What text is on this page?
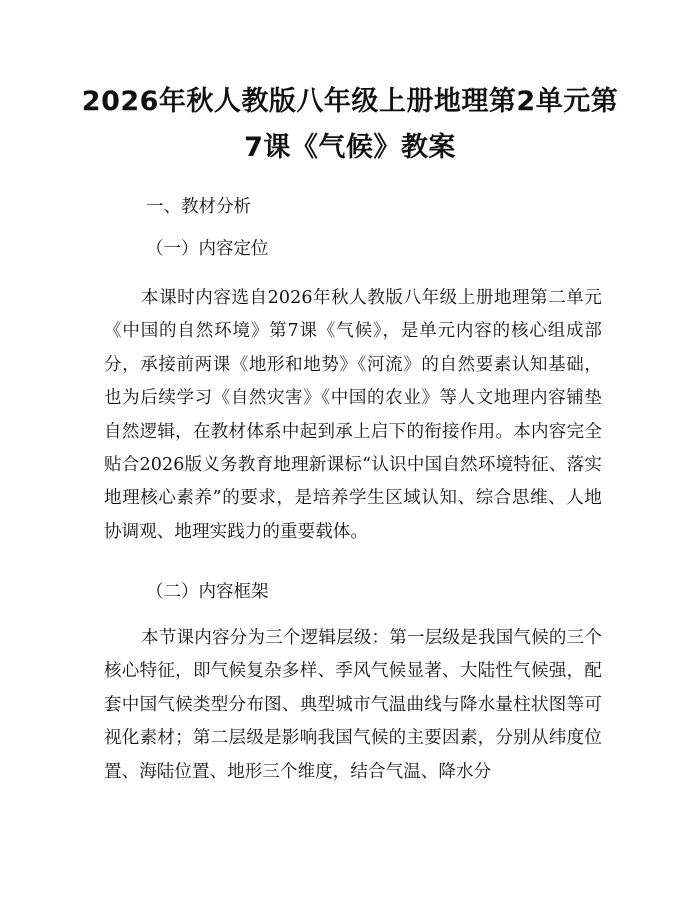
2026年秋人教版八年级上册地理第2单元第
7课《气候》教案
一、教材分析
（一）内容定位

本课时内容选自2026年秋人教版八年级上册地理第二单元《中国的自然环境》第7课《气候》，是单元内容的核心组成部分，承接前两课《地形和地势》《河流》的自然要素认知基础，也为后续学习《自然灾害》《中国的农业》等人文地理内容铺垫自然逻辑，在教材体系中起到承上启下的衔接作用。本内容完全贴合2026版义务教育地理新课标“认识中国自然环境特征、落实地理核心素养”的要求，是培养学生区域认知、综合思维、人地协调观、地理实践力的重要载体。

（二）内容框架

本节课内容分为三个逻辑层级：第一层级是我国气候的三个核心特征，即气候复杂多样、季风气候显著、大陆性气候强，配套中国气候类型分布图、典型城市气温曲线与降水量柱状图等可视化素材；第二层级是影响我国气候的主要因素，分别从纬度位置、海陆位置、地形三个维度，结合气温、降水分
